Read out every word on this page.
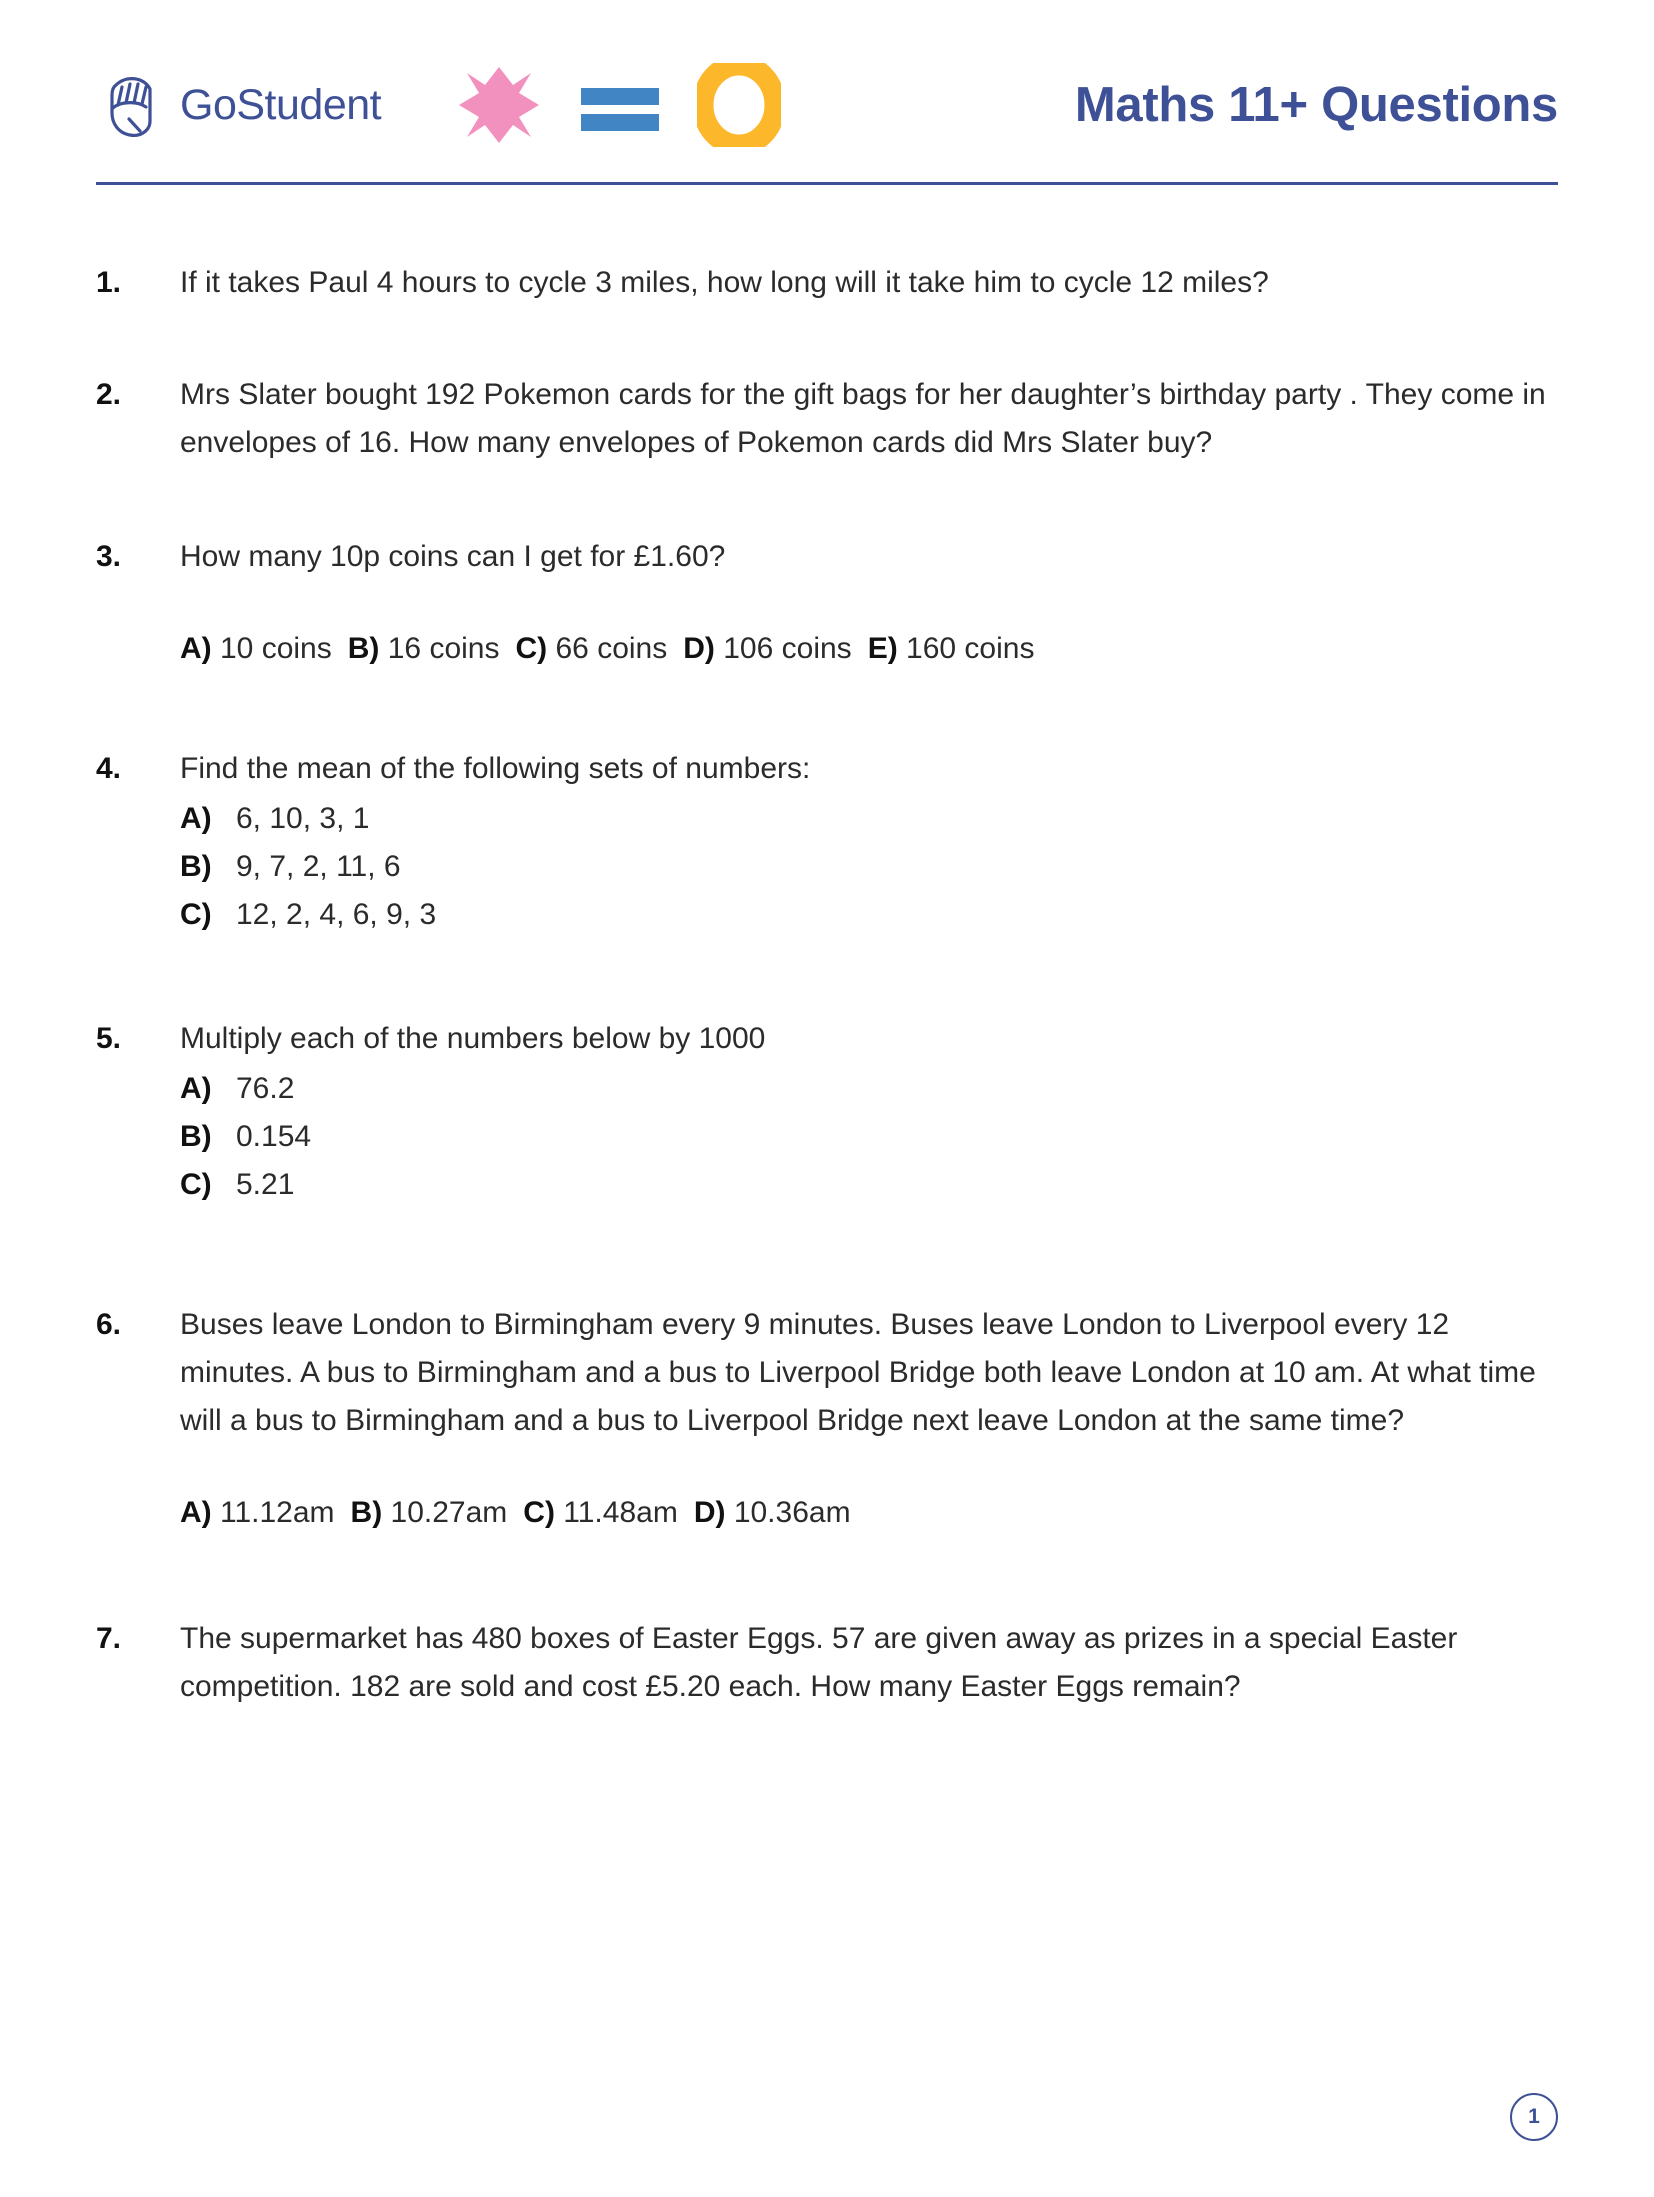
GoStudent	Maths 11+ Questions
1.	If it takes Paul 4 hours to cycle 3 miles, how long will it take him to cycle 12 miles?
2.	Mrs Slater bought 192 Pokemon cards for the gift bags for her daughter’s birthday party . They come in envelopes of 16. How many envelopes of Pokemon cards did Mrs Slater buy?
3.	How many 10p coins can I get for £1.60?
A) 10 coins B) 16 coins C) 66 coins D) 106 coins E) 160 coins
4.	Find the mean of the following sets of numbers:
A) 6, 10, 3, 1
B) 9, 7, 2, 11, 6
C) 12, 2, 4, 6, 9, 3
5.	Multiply each of the numbers below by 1000
A) 76.2
B) 0.154
C) 5.21
6.	Buses leave London to Birmingham every 9 minutes. Buses leave London to Liverpool every 12 minutes. A bus to Birmingham and a bus to Liverpool Bridge both leave London at 10 am. At what time will a bus to Birmingham and a bus to Liverpool Bridge next leave London at the same time?
A) 11.12am B) 10.27am C) 11.48am D) 10.36am
7.	The supermarket has 480 boxes of Easter Eggs. 57 are given away as prizes in a special Easter competition. 182 are sold and cost £5.20 each. How many Easter Eggs remain?
1
